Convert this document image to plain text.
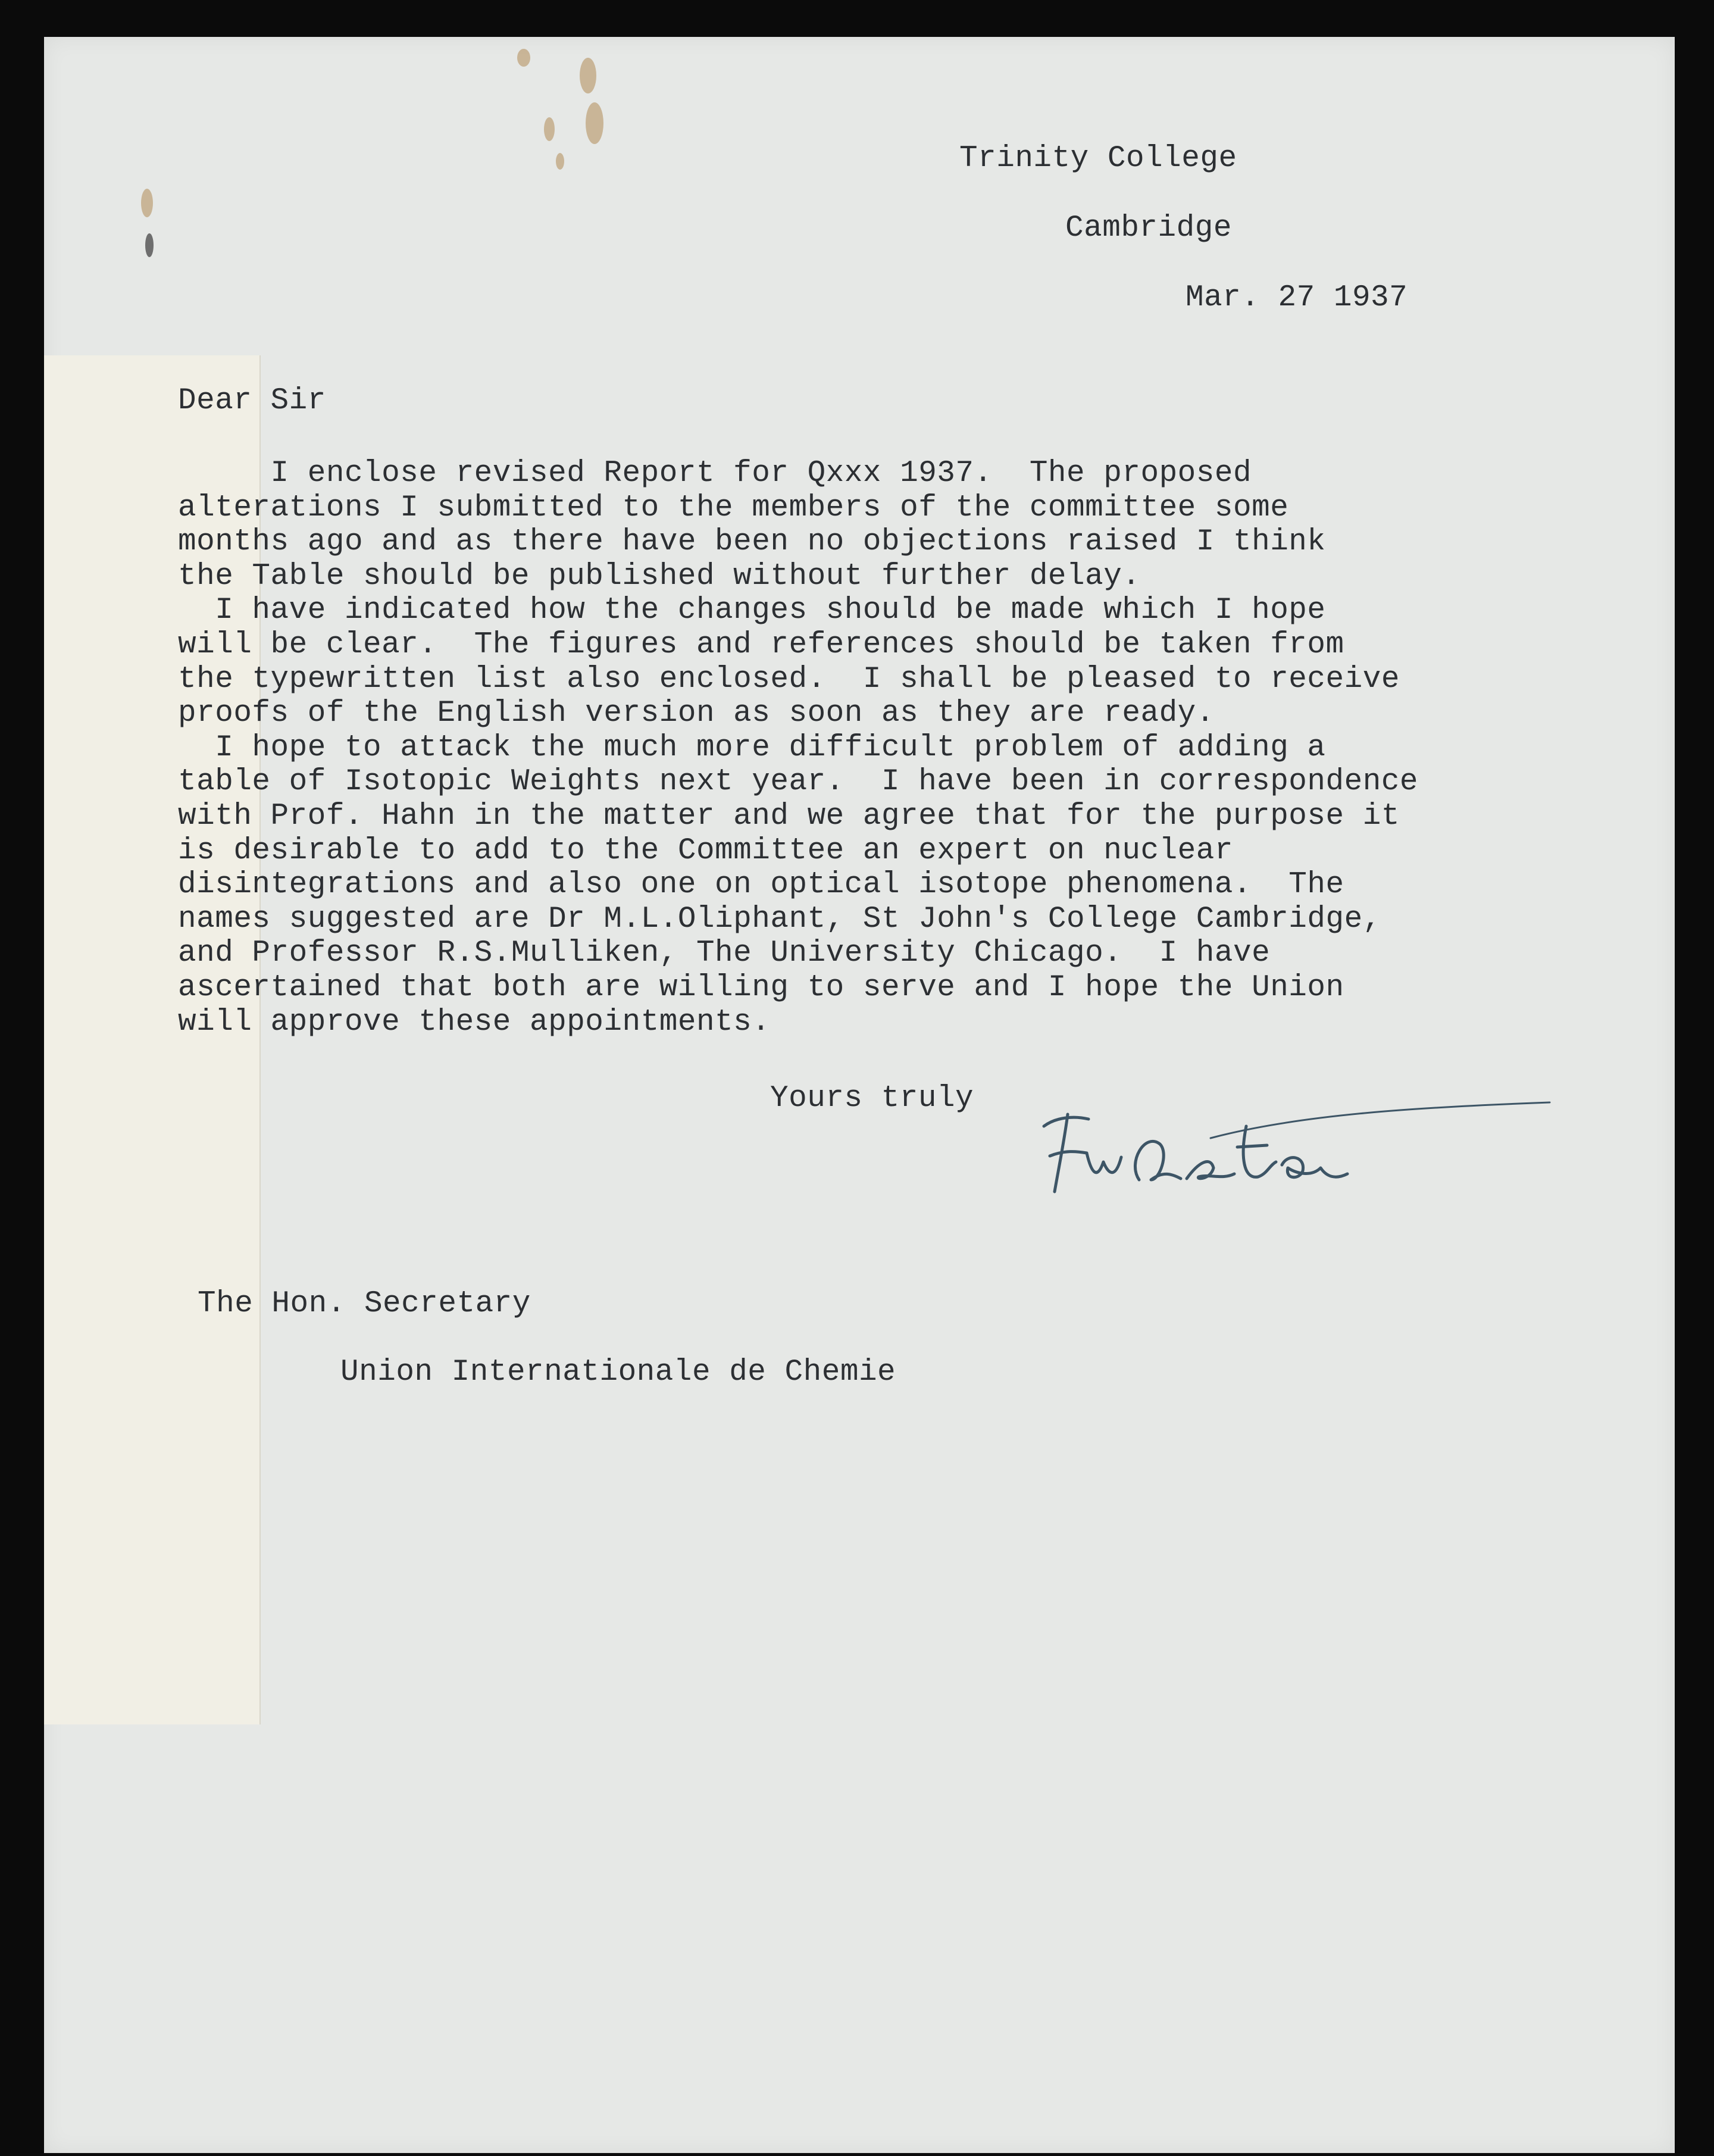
Trinity College

Cambridge

Mar. 27 1937

Dear Sir

I enclose revised Report for Qxxx 1937.  The proposed

alterations I submitted to the members of the committee some

months ago and as there have been no objections raised I think

the Table should be published without further delay.

I have indicated how the changes should be made which I hope

will be clear.  The figures and references should be taken from

the typewritten list also enclosed.  I shall be pleased to receive

proofs of the English version as soon as they are ready.

I hope to attack the much more difficult problem of adding a

table of Isotopic Weights next year.  I have been in correspondence

with Prof. Hahn in the matter and we agree that for the purpose it

is desirable to add to the Committee an expert on nuclear

disintegrations and also one on optical isotope phenomena.  The

names suggested are Dr M.L.Oliphant, St John's College Cambridge,

and Professor R.S.Mulliken, The University Chicago.  I have

ascertained that both are willing to serve and I hope the Union

will approve these appointments.

Yours truly

The Hon. Secretary

Union Internationale de Chemie
